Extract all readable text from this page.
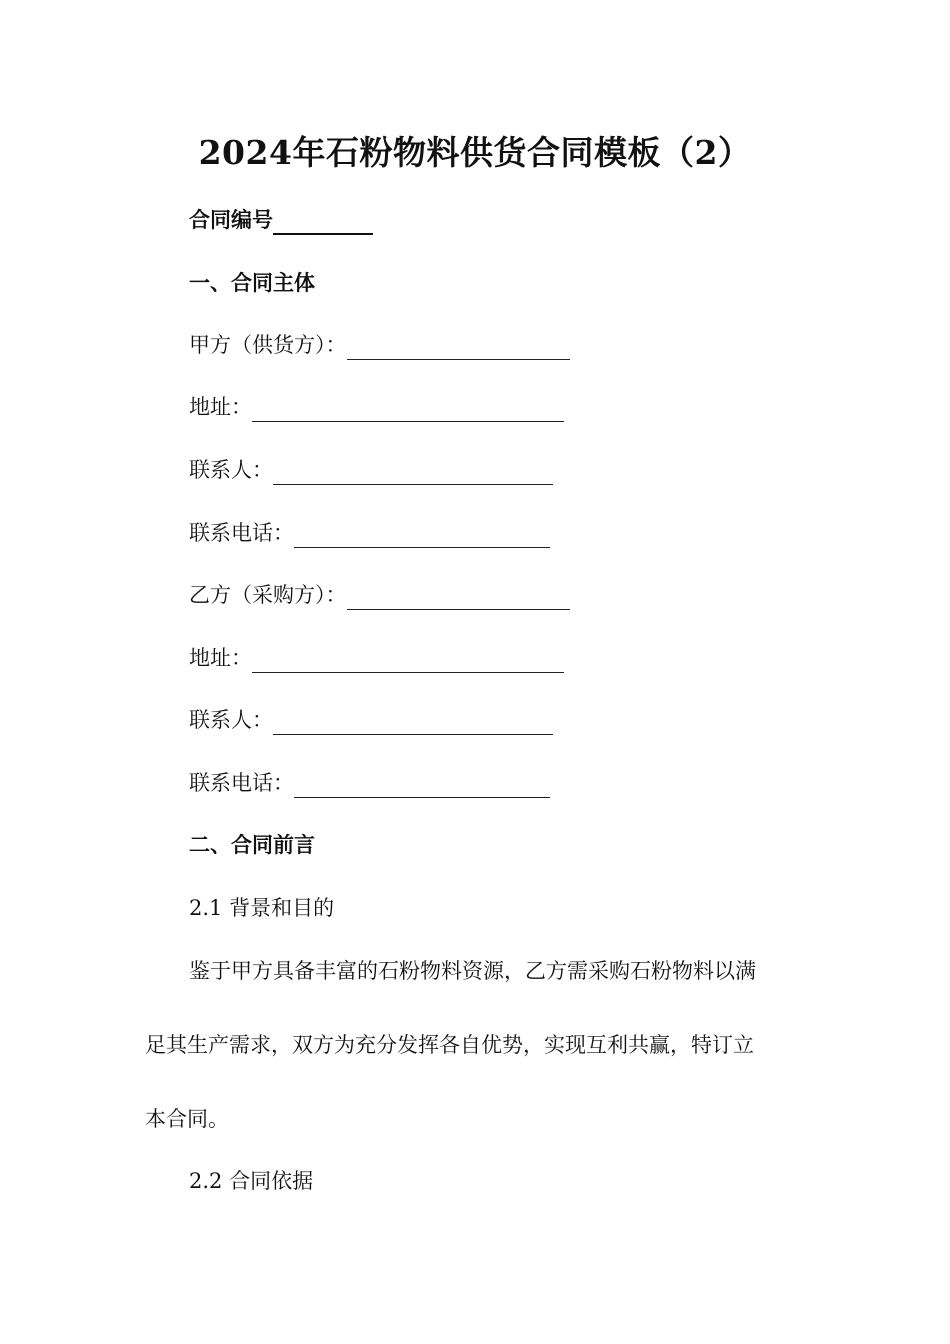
2024年石粉物料供货合同模板（2）
合同编号
一、合同主体
甲方（供货方）：
地址：
联系人：
联系电话：
乙方（采购方）：
地址：
联系人：
联系电话：
二、合同前言
2.1 背景和目的
鉴于甲方具备丰富的石粉物料资源，乙方需采购石粉物料以满
足其生产需求，双方为充分发挥各自优势，实现互利共赢，特订立
本合同。
2.2 合同依据
